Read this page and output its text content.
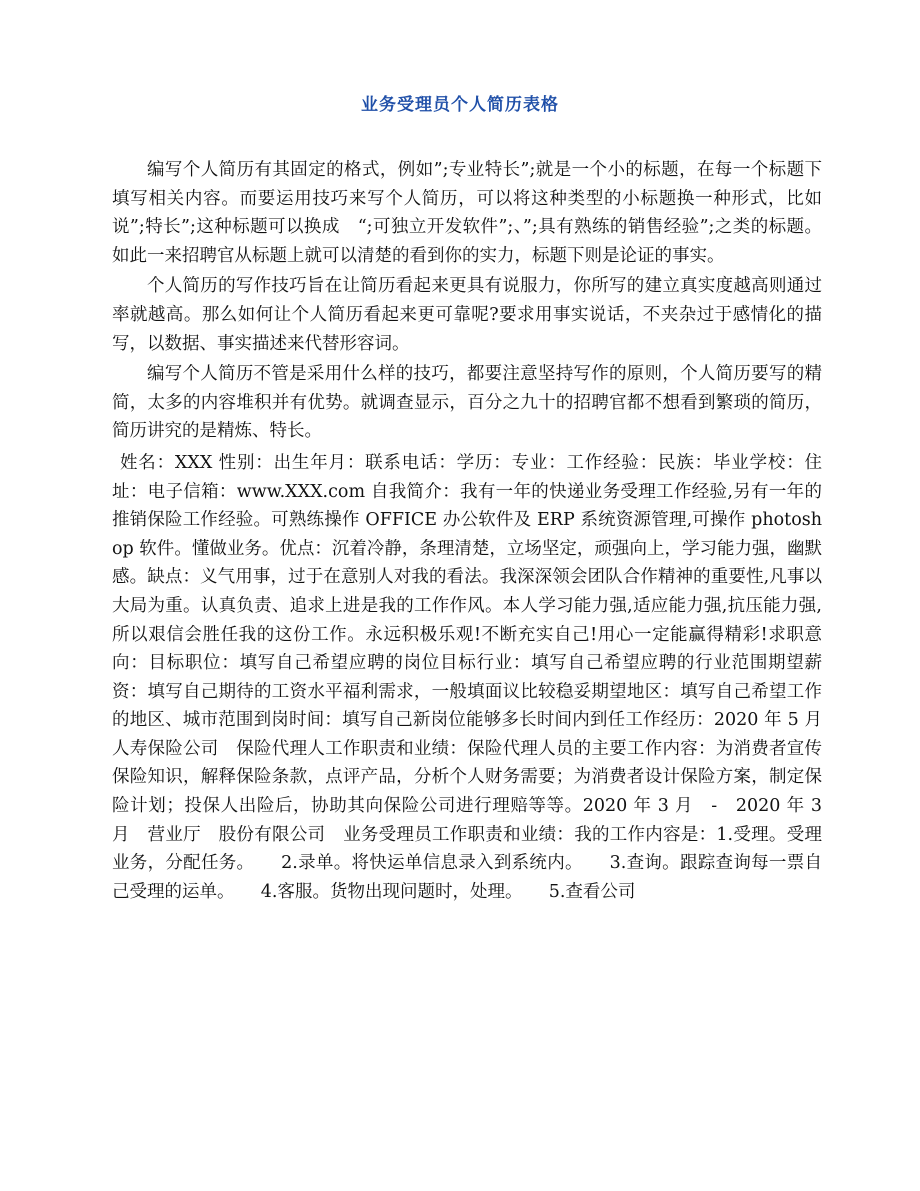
业务受理员个人简历表格

编写个人简历有其固定的格式，例如”;专业特长”;就是一个小的标题，在每一个标题下填写相关内容。而要运用技巧来写个人简历，可以将这种类型的小标题换一种形式，比如说”;特长”;这种标题可以换成　“;可独立开发软件”;、”;具有熟练的销售经验”;之类的标题。如此一来招聘官从标题上就可以清楚的看到你的实力，标题下则是论证的事实。

个人简历的写作技巧旨在让简历看起来更具有说服力，你所写的建立真实度越高则通过率就越高。那么如何让个人简历看起来更可靠呢?要求用事实说话，不夹杂过于感情化的描写，以数据、事实描述来代替形容词。

编写个人简历不管是采用什么样的技巧，都要注意坚持写作的原则，个人简历要写的精简，太多的内容堆积并有优势。就调查显示，百分之九十的招聘官都不想看到繁琐的简历，简历讲究的是精炼、特长。

姓名：XXX 性别：出生年月：联系电话：学历：专业：工作经验：民族：毕业学校：住址：电子信箱：www.XXX.com 自我简介：我有一年的快递业务受理工作经验,另有一年的推销保险工作经验。可熟练操作 OFFICE 办公软件及 ERP 系统资源管理,可操作 photoshop 软件。懂做业务。优点：沉着冷静，条理清楚，立场坚定，顽强向上，学习能力强，幽默感。缺点：义气用事，过于在意别人对我的看法。我深深领会团队合作精神的重要性,凡事以大局为重。认真负责、追求上进是我的工作作风。本人学习能力强,适应能力强,抗压能力强,所以艰信会胜任我的这份工作。永远积极乐观!不断充实自己!用心一定能赢得精彩!求职意向：目标职位：填写自己希望应聘的岗位目标行业：填写自己希望应聘的行业范围期望薪资：填写自己期待的工资水平福利需求，一般填面议比较稳妥期望地区：填写自己希望工作的地区、城市范围到岗时间：填写自己新岗位能够多长时间内到任工作经历：2020 年 5 月　人寿保险公司　保险代理人工作职责和业绩：保险代理人员的主要工作内容：为消费者宣传保险知识，解释保险条款，点评产品，分析个人财务需要；为消费者设计保险方案，制定保险计划；投保人出险后，协助其向保险公司进行理赔等等。2020 年 3 月　-　2020 年 3 月　营业厅　股份有限公司　业务受理员工作职责和业绩：我的工作内容是：1.受理。受理业务，分配任务。　　2.录单。将快运单信息录入到系统内。　　3.查询。跟踪查询每一票自己受理的运单。　　4.客服。货物出现问题时，处理。　　5.查看公司
